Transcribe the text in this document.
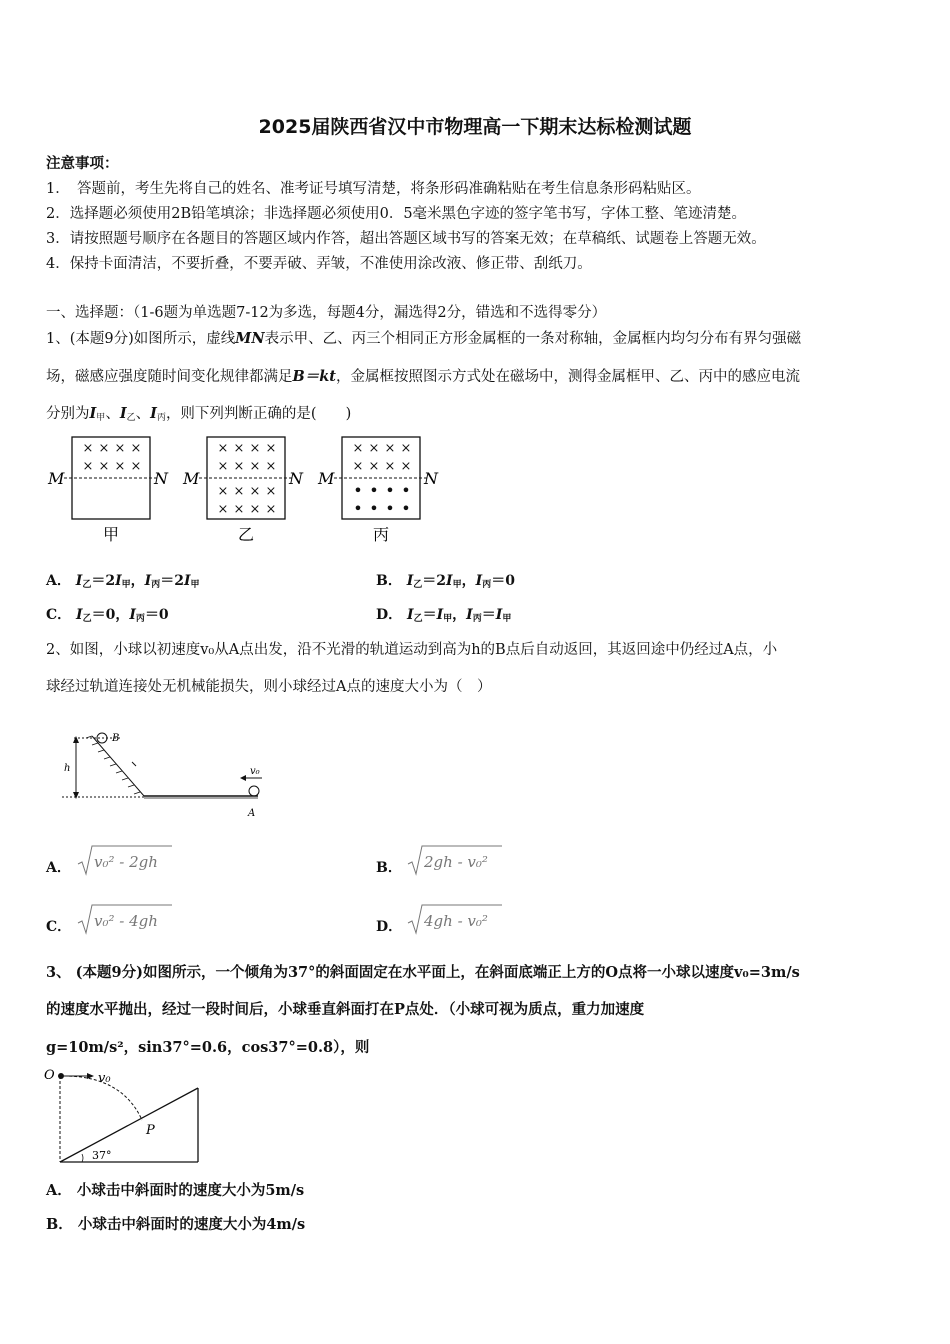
2025届陕西省汉中市物理高一下期末达标检测试题
注意事项：
1．　答题前，考生先将自己的姓名、准考证号填写清楚，将条形码准确粘贴在考生信息条形码粘贴区。
2．选择题必须使用2B铅笔填涂；非选择题必须使用0．5毫米黑色字迹的签字笔书写，字体工整、笔迹清楚。
3．请按照题号顺序在各题目的答题区域内作答，超出答题区域书写的答案无效；在草稿纸、试题卷上答题无效。
4．保持卡面清洁，不要折叠，不要弄破、弄皱，不准使用涂改液、修正带、刮纸刀。
一、选择题：（1-6题为单选题7-12为多选，每题4分，漏选得2分，错选和不选得零分）
1、(本题9分)如图所示，虚线MN表示甲、乙、丙三个相同正方形金属框的一条对称轴，金属框内均匀分布有界匀强磁
场，磁感应强度随时间变化规律都满足B＝kt，金属框按照图示方式处在磁场中，测得金属框甲、乙、丙中的感应电流
分别为$I_甲$、$I_乙$、$I_丙$，则下列判断正确的是(　　)
M	N M	N M	N
× × × ×
× × × ×
× × × ×
× × × ×
× × × ×
× × × ×
× × × ×
× × × ×
• • • •
• • • •
甲	乙	丙
A． $I_乙=2I_甲$，$I_丙=2I_甲$	B． $I_乙=2I_甲$，$I_丙=0$
C． $I_乙=0$，$I_丙=0$	D． $I_乙=I_甲$，$I_丙=I_甲$
2、如图，小球以初速度v₀从A点出发，沿不光滑的轨道运动到高为h的B点后自动返回，其返回途中仍经过A点，小
球经过轨道连接处无机械能损失，则小球经过A点的速度大小为（　）
B
h	v₀
A
A． v₀² - 2gh	B． 2gh - v₀²
C． v₀² - 4gh	D． 4gh - v₀²
3、 (本题9分)如图所示，一个倾角为37°的斜面固定在水平面上，在斜面底端正上方的O点将一小球以速度v₀=3m/s
的速度水平抛出，经过一段时间后，小球垂直斜面打在P点处．（小球可视为质点，重力加速度
g=10m/s²，sin37°=0.6，cos37°=0.8），则
O	v₀
P
37°
A． 小球击中斜面时的速度大小为5m/s
B． 小球击中斜面时的速度大小为4m/s
